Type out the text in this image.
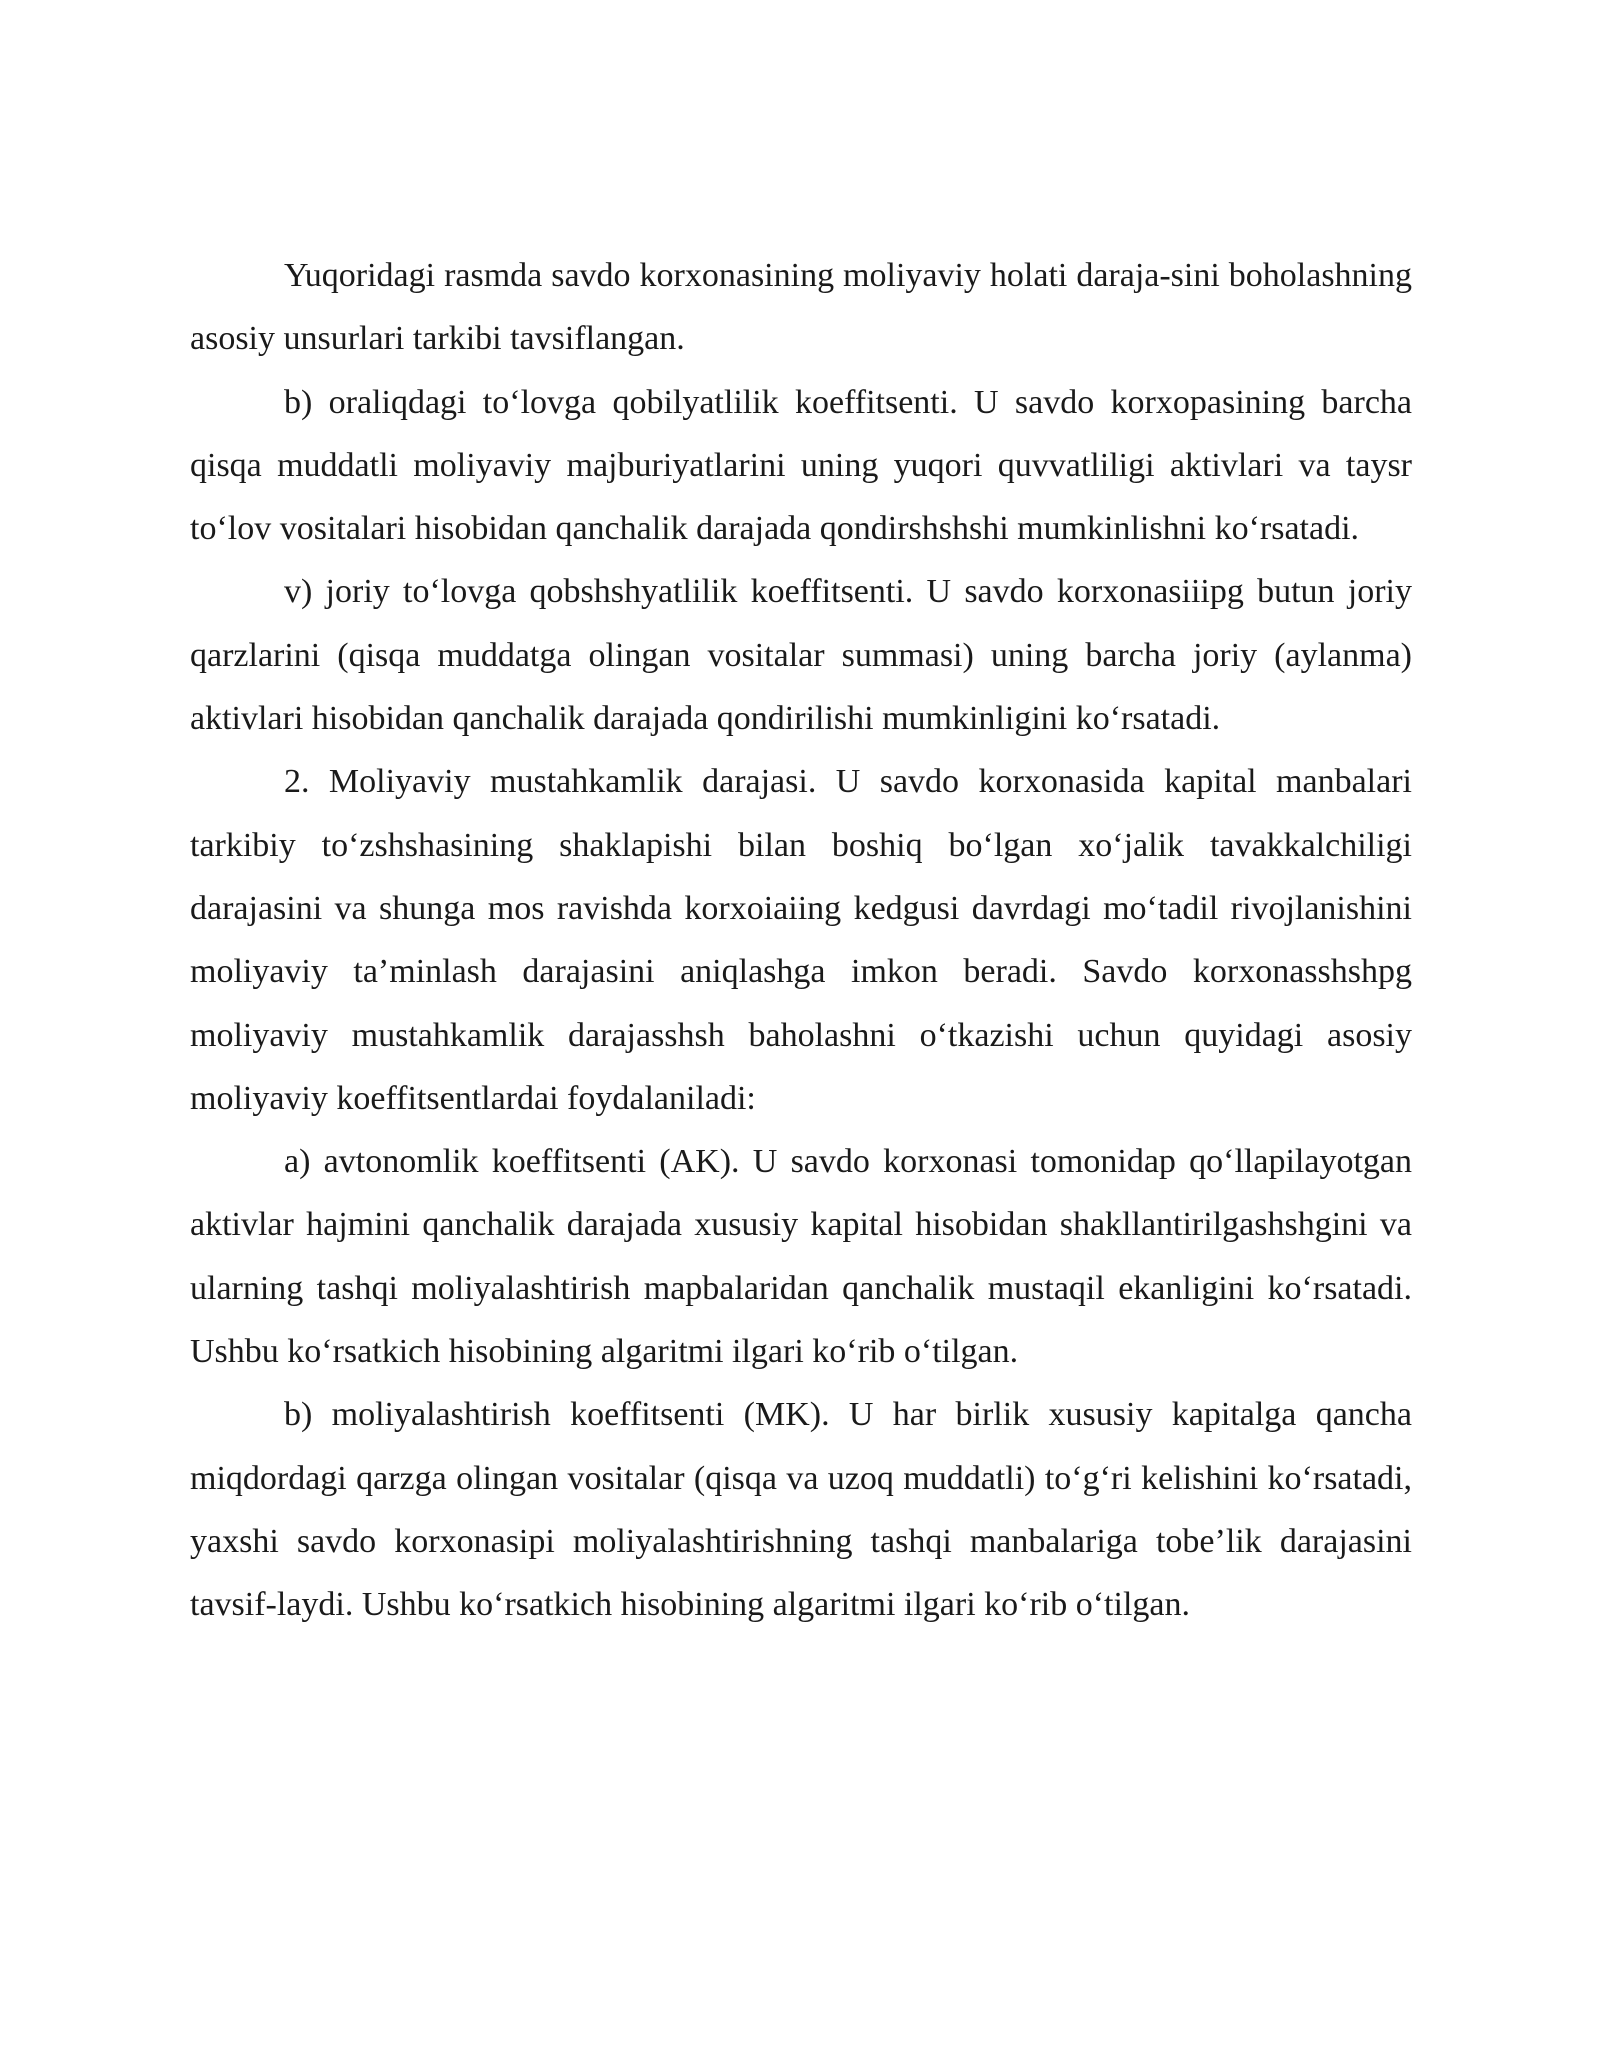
Yuqoridagi rasmda savdo korxonasining moliyaviy holati daraja-sini boholashning asosiy unsurlari tarkibi tavsiflangan.

b) oraliqdagi to‘lovga qobilyatlilik koeffitsenti. U savdo korxopasining barcha qisqa muddatli moliyaviy majburiyatlarini uning yuqori quvvatliligi aktivlari va taysr to‘lov vositalari hisobidan qanchalik darajada qondirshshshi mumkinlishni ko‘rsatadi.

v) joriy to‘lovga qobshshyatlilik koeffitsenti. U savdo korxonasiiipg butun joriy qarzlarini (qisqa muddatga olingan vositalar summasi) uning barcha joriy (aylanma) aktivlari hisobidan qanchalik darajada qondirilishi mumkinligini ko‘rsatadi.

2. Moliyaviy mustahkamlik darajasi. U savdo korxonasida kapital manbalari tarkibiy to‘zshshasining shaklapishi bilan boshiq bo‘lgan xo‘jalik tavakkalchiligi darajasini va shunga mos ravishda korxoiaiing kedgusi davrdagi mo‘tadil rivojlanishini moliyaviy ta’minlash darajasini aniqlashga imkon beradi. Savdo korxonasshshpg moliyaviy mustahkamlik darajasshsh baholashni o‘tkazishi uchun quyidagi asosiy moliyaviy koeffitsentlardai foydalaniladi:

a) avtonomlik koeffitsenti (AK). U savdo korxonasi tomonidap qo‘llapilayotgan aktivlar hajmini qanchalik darajada xususiy kapital hisobidan shakllantirilgashshgini va ularning tashqi moliyalashtirish mapbalaridan qanchalik mustaqil ekanligini ko‘rsatadi. Ushbu ko‘rsatkich hisobining algaritmi ilgari ko‘rib o‘tilgan.

b) moliyalashtirish koeffitsenti (MK). U har birlik xususiy kapitalga qancha miqdordagi qarzga olingan vositalar (qisqa va uzoq muddatli) to‘g‘ri kelishini ko‘rsatadi, yaxshi savdo korxonasipi moliyalashtirishning tashqi manbalariga tobe’lik darajasini tavsif-laydi. Ushbu ko‘rsatkich hisobining algaritmi ilgari ko‘rib o‘tilgan.
